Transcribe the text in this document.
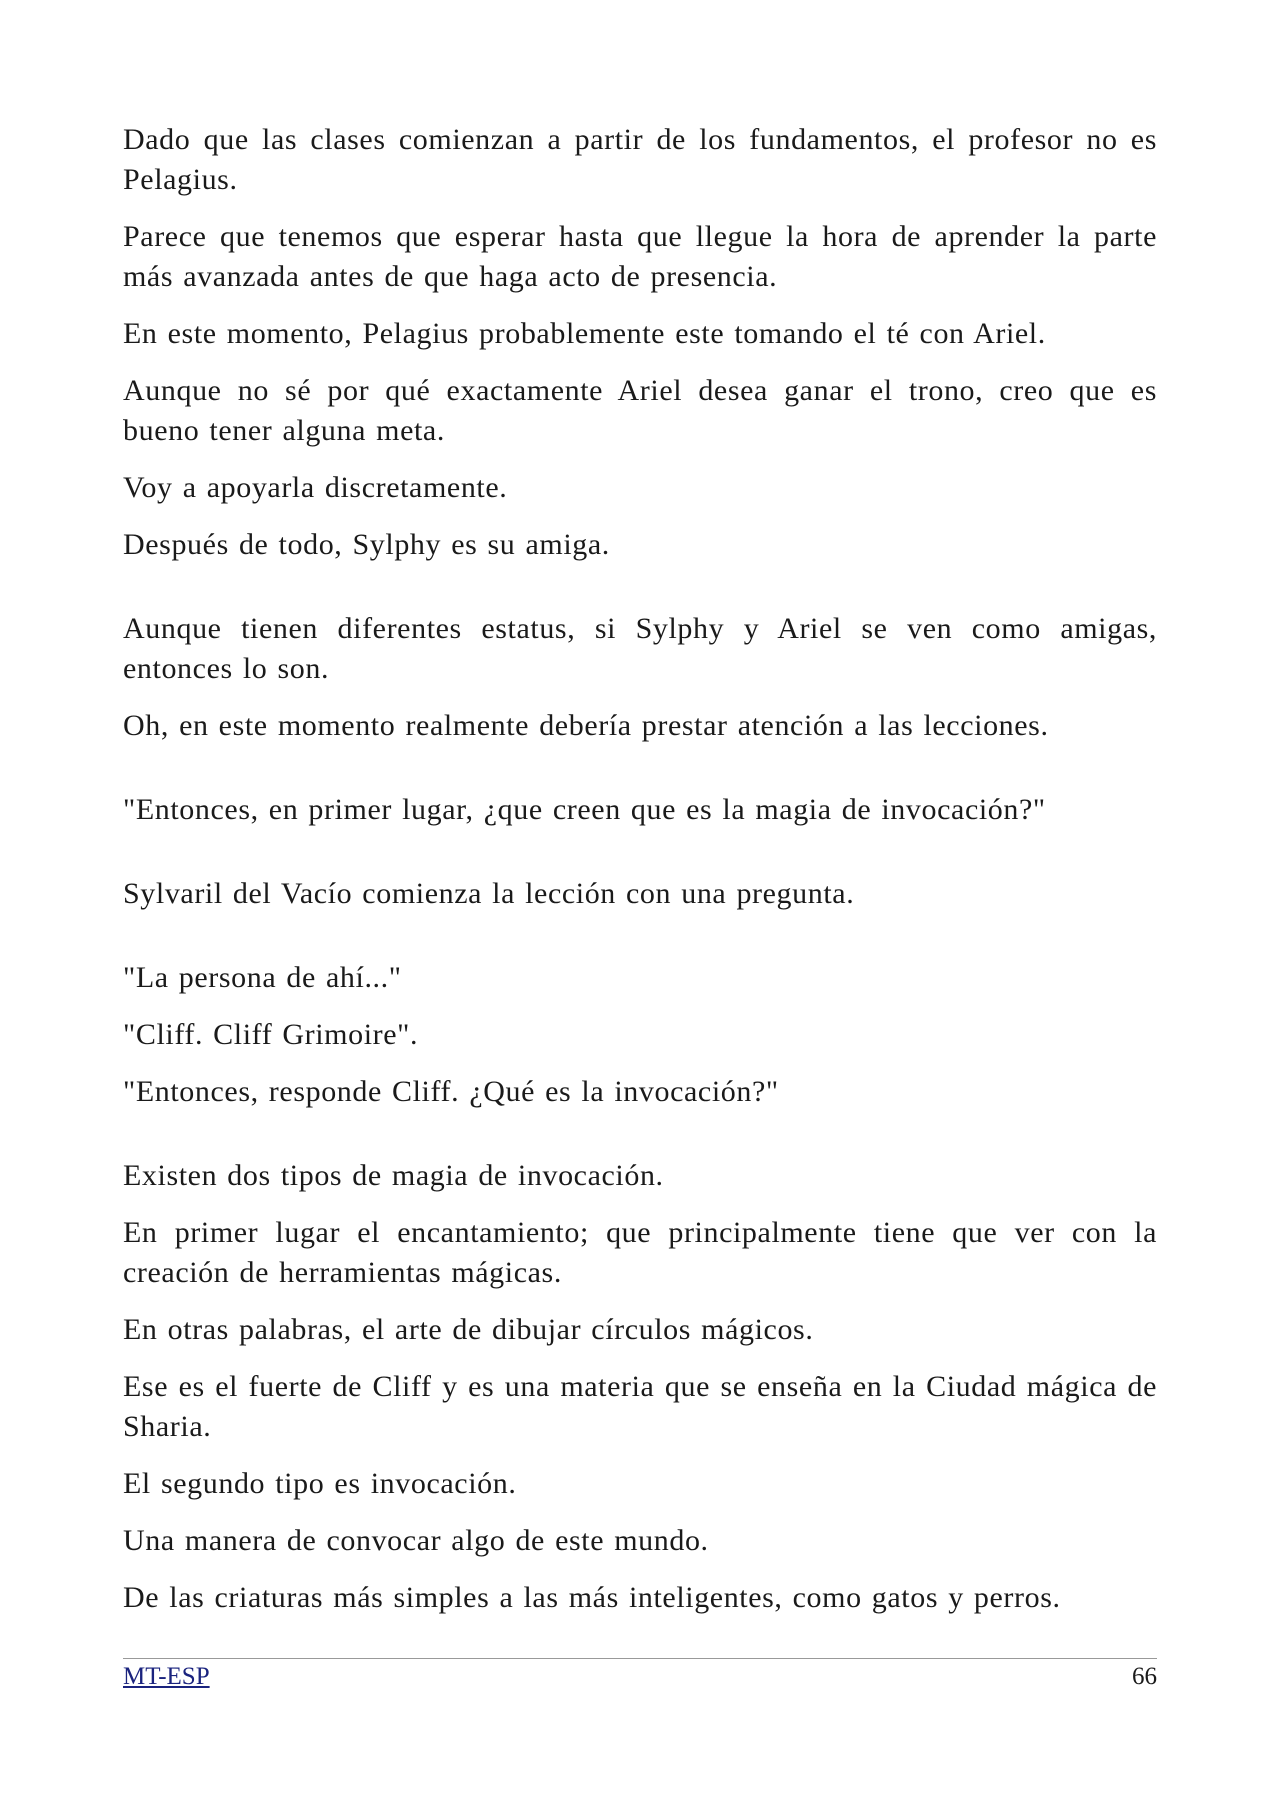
Dado que las clases comienzan a partir de los fundamentos, el profesor no es Pelagius.

Parece que tenemos que esperar hasta que llegue la hora de aprender la parte más avanzada antes de que haga acto de presencia.

En este momento, Pelagius probablemente este tomando el té con Ariel.

Aunque no sé por qué exactamente Ariel desea ganar el trono, creo que es bueno tener alguna meta.

Voy a apoyarla discretamente.

Después de todo, Sylphy es su amiga.

Aunque tienen diferentes estatus, si Sylphy y Ariel se ven como amigas, entonces lo son.

Oh, en este momento realmente debería prestar atención a las lecciones.

"Entonces, en primer lugar, ¿que creen que es la magia de invocación?"

Sylvaril del Vacío comienza la lección con una pregunta.

"La persona de ahí..."

"Cliff. Cliff Grimoire".

"Entonces, responde Cliff. ¿Qué es la invocación?"

Existen dos tipos de magia de invocación.

En primer lugar el encantamiento; que principalmente tiene que ver con la creación de herramientas mágicas.

En otras palabras, el arte de dibujar círculos mágicos.

Ese es el fuerte de Cliff y es una materia que se enseña en la Ciudad mágica de Sharia.

El segundo tipo es invocación.

Una manera de convocar algo de este mundo.

De las criaturas más simples a las más inteligentes, como gatos y perros.

MT-ESP	66
